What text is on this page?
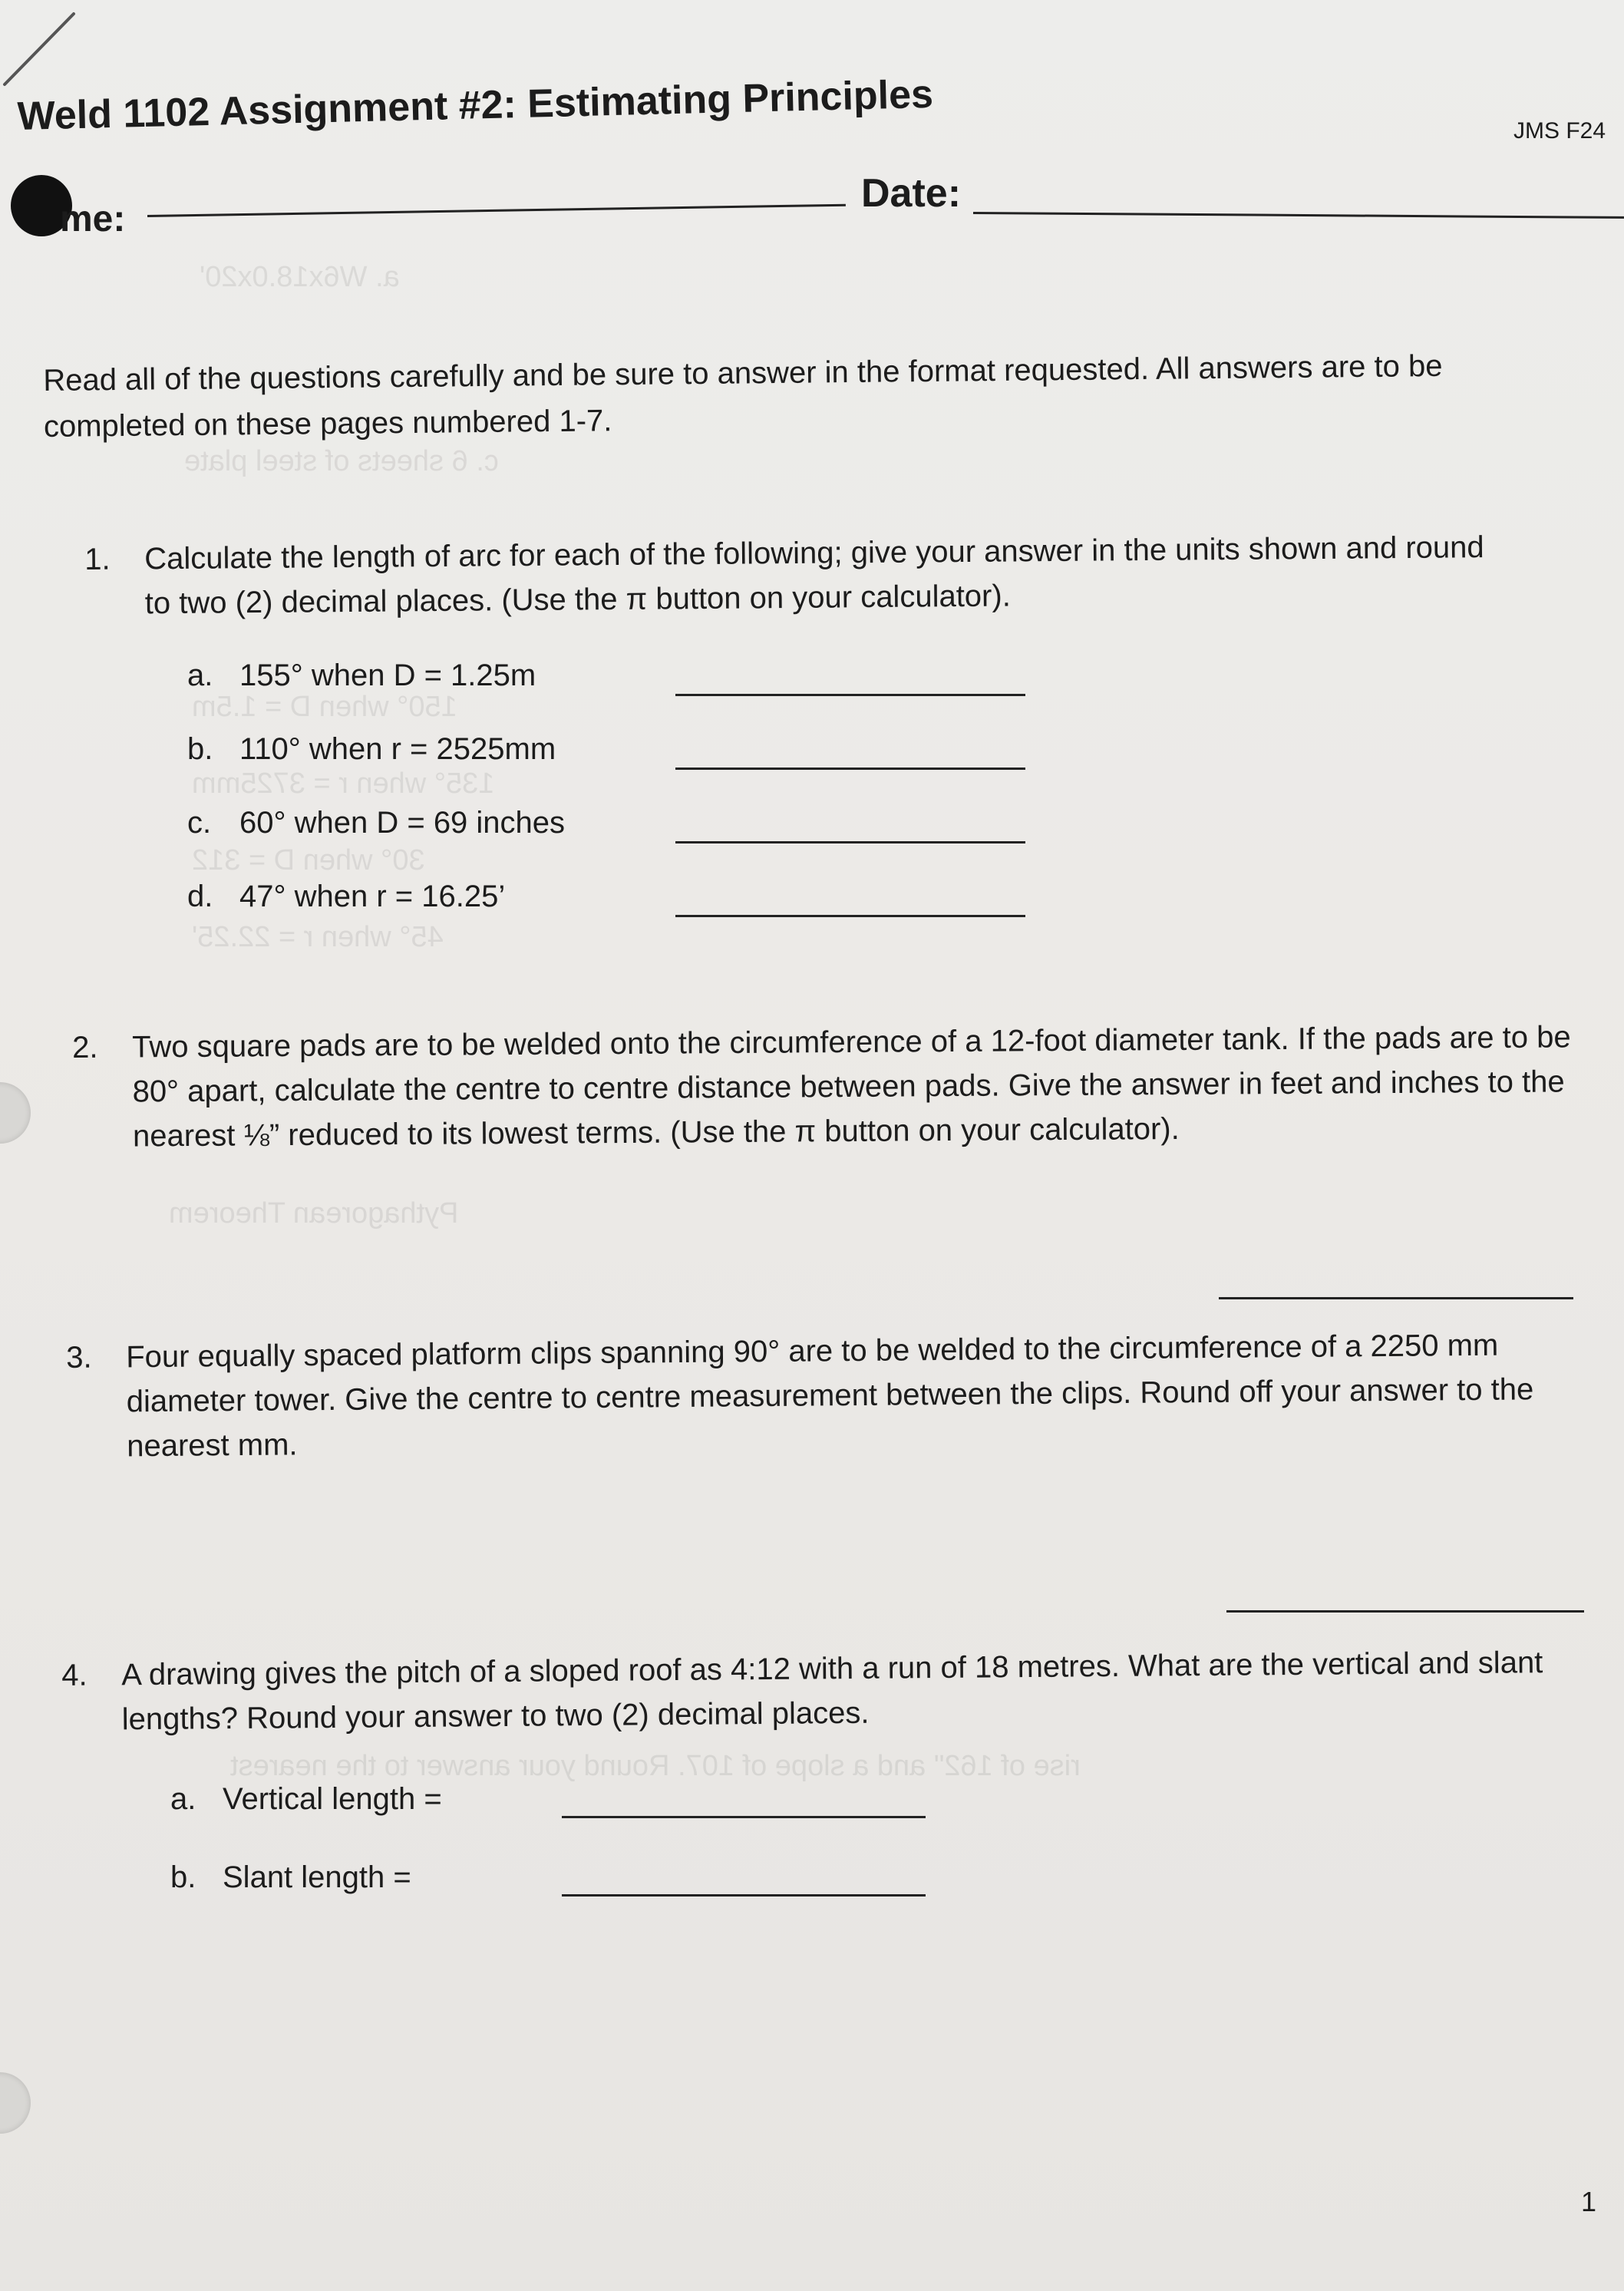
a. W6x18.0x20'
c. 6 sheets of steel plate
150° when D = 1.5m
135° when r = 3725mm
30° when D = 312
45° when r = 22.25'
Pythagorean Theorem
rise of 162" and a slope of 107. Round your answer to the nearest
Weld 1102 Assignment #2: Estimating Principles	JMS F24
me:
Date:
Read all of the questions carefully and be sure to answer in the format requested. All answers are to be completed on these pages numbered 1-7.
1. Calculate the length of arc for each of the following; give your answer in the units shown and round to two (2) decimal places. (Use the π button on your calculator).
a. 155° when D = 1.25m
b. 110° when r = 2525mm
c. 60° when D = 69 inches
d. 47° when r = 16.25’
2. Two square pads are to be welded onto the circumference of a 12-foot diameter tank. If the pads are to be 80° apart, calculate the centre to centre distance between pads. Give the answer in feet and inches to the nearest ⅛” reduced to its lowest terms. (Use the π button on your calculator).
3. Four equally spaced platform clips spanning 90° are to be welded to the circumference of a 2250 mm diameter tower. Give the centre to centre measurement between the clips. Round off your answer to the nearest mm.
4. A drawing gives the pitch of a sloped roof as 4:12 with a run of 18 metres. What are the vertical and slant lengths? Round your answer to two (2) decimal places.
a. Vertical length =
b. Slant length =
1
